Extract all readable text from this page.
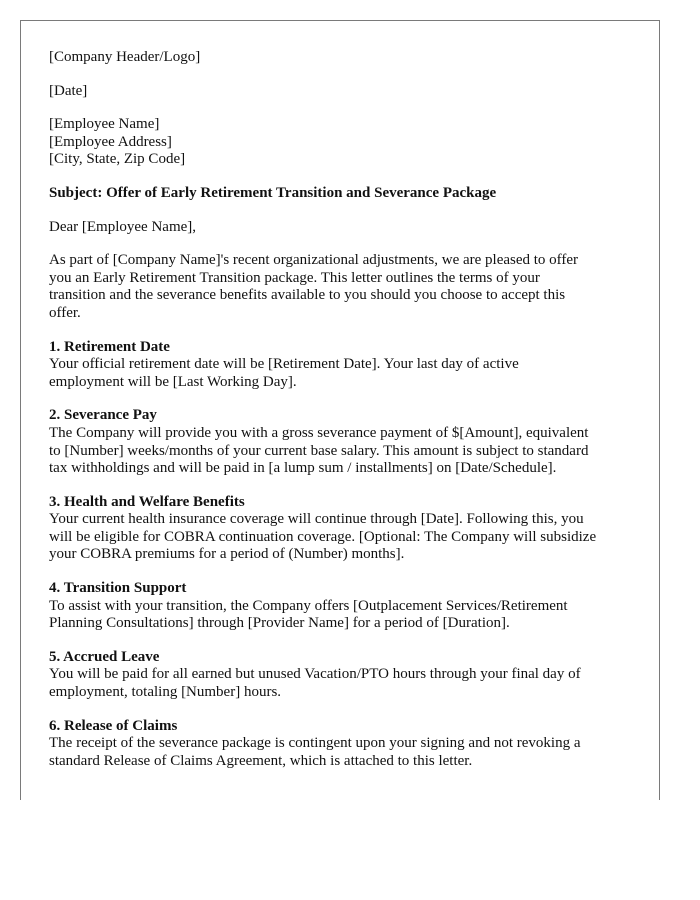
[Company Header/Logo]
[Date]
[Employee Name]
[Employee Address]
[City, State, Zip Code]
Subject: Offer of Early Retirement Transition and Severance Package
Dear [Employee Name],
As part of [Company Name]'s recent organizational adjustments, we are pleased to offer
you an Early Retirement Transition package. This letter outlines the terms of your
transition and the severance benefits available to you should you choose to accept this
offer.
1. Retirement Date
Your official retirement date will be [Retirement Date]. Your last day of active
employment will be [Last Working Day].
2. Severance Pay
The Company will provide you with a gross severance payment of $[Amount], equivalent
to [Number] weeks/months of your current base salary. This amount is subject to standard
tax withholdings and will be paid in [a lump sum / installments] on [Date/Schedule].
3. Health and Welfare Benefits
Your current health insurance coverage will continue through [Date]. Following this, you
will be eligible for COBRA continuation coverage. [Optional: The Company will subsidize
your COBRA premiums for a period of (Number) months].
4. Transition Support
To assist with your transition, the Company offers [Outplacement Services/Retirement
Planning Consultations] through [Provider Name] for a period of [Duration].
5. Accrued Leave
You will be paid for all earned but unused Vacation/PTO hours through your final day of
employment, totaling [Number] hours.
6. Release of Claims
The receipt of the severance package is contingent upon your signing and not revoking a
standard Release of Claims Agreement, which is attached to this letter.
